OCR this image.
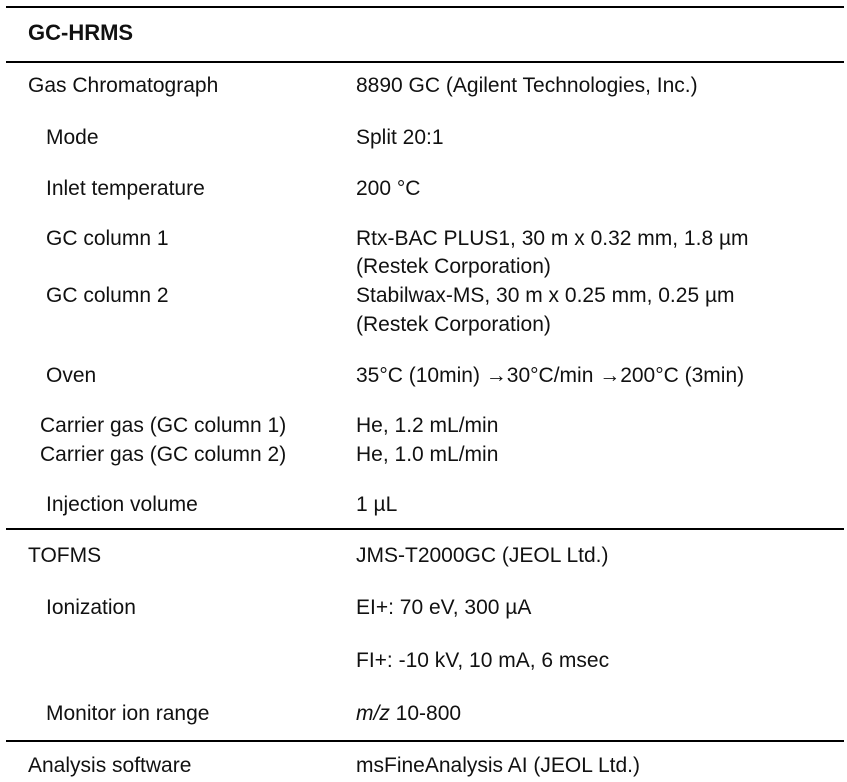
GC-HRMS
Gas Chromatograph	8890 GC (Agilent Technologies, Inc.)
Mode	Split 20:1
Inlet temperature	200 °C
GC column 1	Rtx-BAC PLUS1, 30 m x 0.32 mm, 1.8 µm
(Restek Corporation)
GC column 2	Stabilwax-MS, 30 m x 0.25 mm, 0.25 µm
(Restek Corporation)
Oven	35°C (10min) →30°C/min →200°C (3min)
Carrier gas (GC column 1)	He, 1.2 mL/min
Carrier gas (GC column 2)	He, 1.0 mL/min
Injection volume	1 µL
TOFMS	JMS-T2000GC (JEOL Ltd.)
Ionization	EI+: 70 eV, 300 µA
FI+: -10 kV, 10 mA, 6 msec
Monitor ion range	m/z 10-800
Analysis software	msFineAnalysis AI (JEOL Ltd.)
